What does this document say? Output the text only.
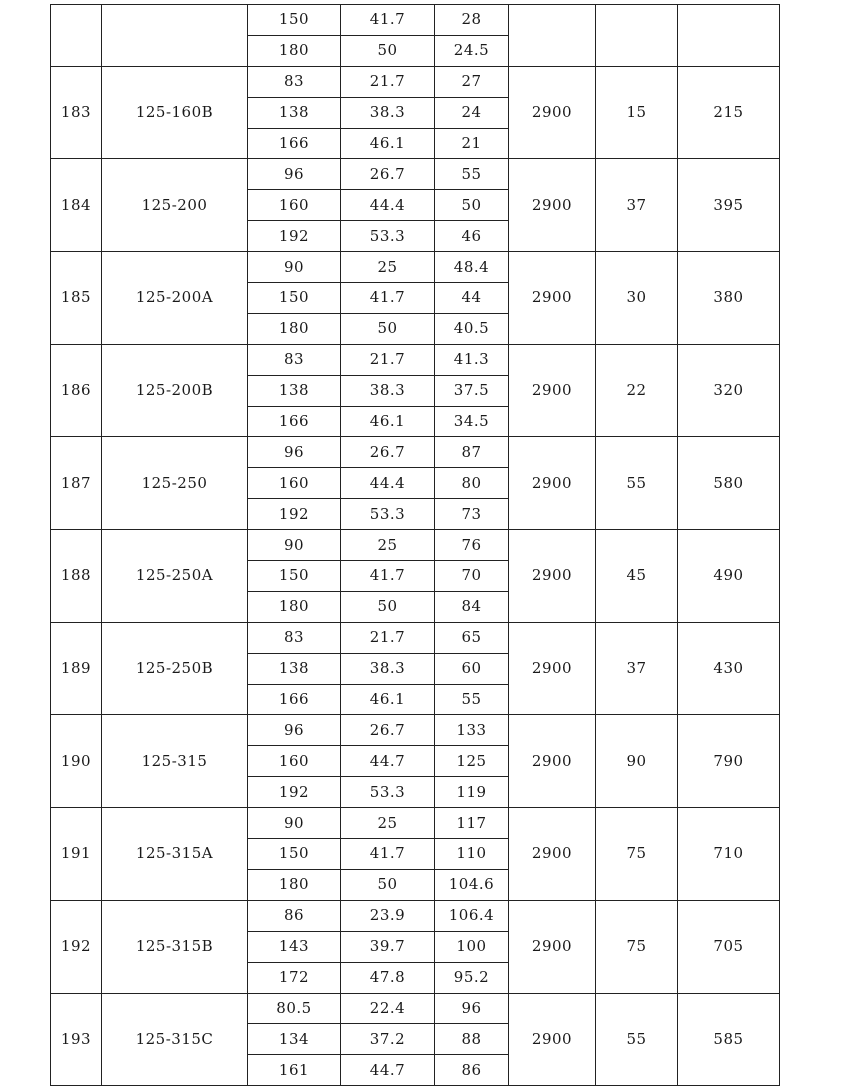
		150	41.7	28			
		180	50	24.5			
183	125-160B	83	21.7	27	2900	15	215
		138	38.3	24			
		166	46.1	21			
184	125-200	96	26.7	55	2900	37	395
		160	44.4	50			
		192	53.3	46			
185	125-200A	90	25	48.4	2900	30	380
		150	41.7	44			
		180	50	40.5			
186	125-200B	83	21.7	41.3	2900	22	320
		138	38.3	37.5			
		166	46.1	34.5			
187	125-250	96	26.7	87	2900	55	580
		160	44.4	80			
		192	53.3	73			
188	125-250A	90	25	76	2900	45	490
		150	41.7	70			
		180	50	84			
189	125-250B	83	21.7	65	2900	37	430
		138	38.3	60			
		166	46.1	55			
190	125-315	96	26.7	133	2900	90	790
		160	44.7	125			
		192	53.3	119			
191	125-315A	90	25	117	2900	75	710
		150	41.7	110			
		180	50	104.6			
192	125-315B	86	23.9	106.4	2900	75	705
		143	39.7	100			
		172	47.8	95.2			
193	125-315C	80.5	22.4	96	2900	55	585
		134	37.2	88			
		161	44.7	86			
